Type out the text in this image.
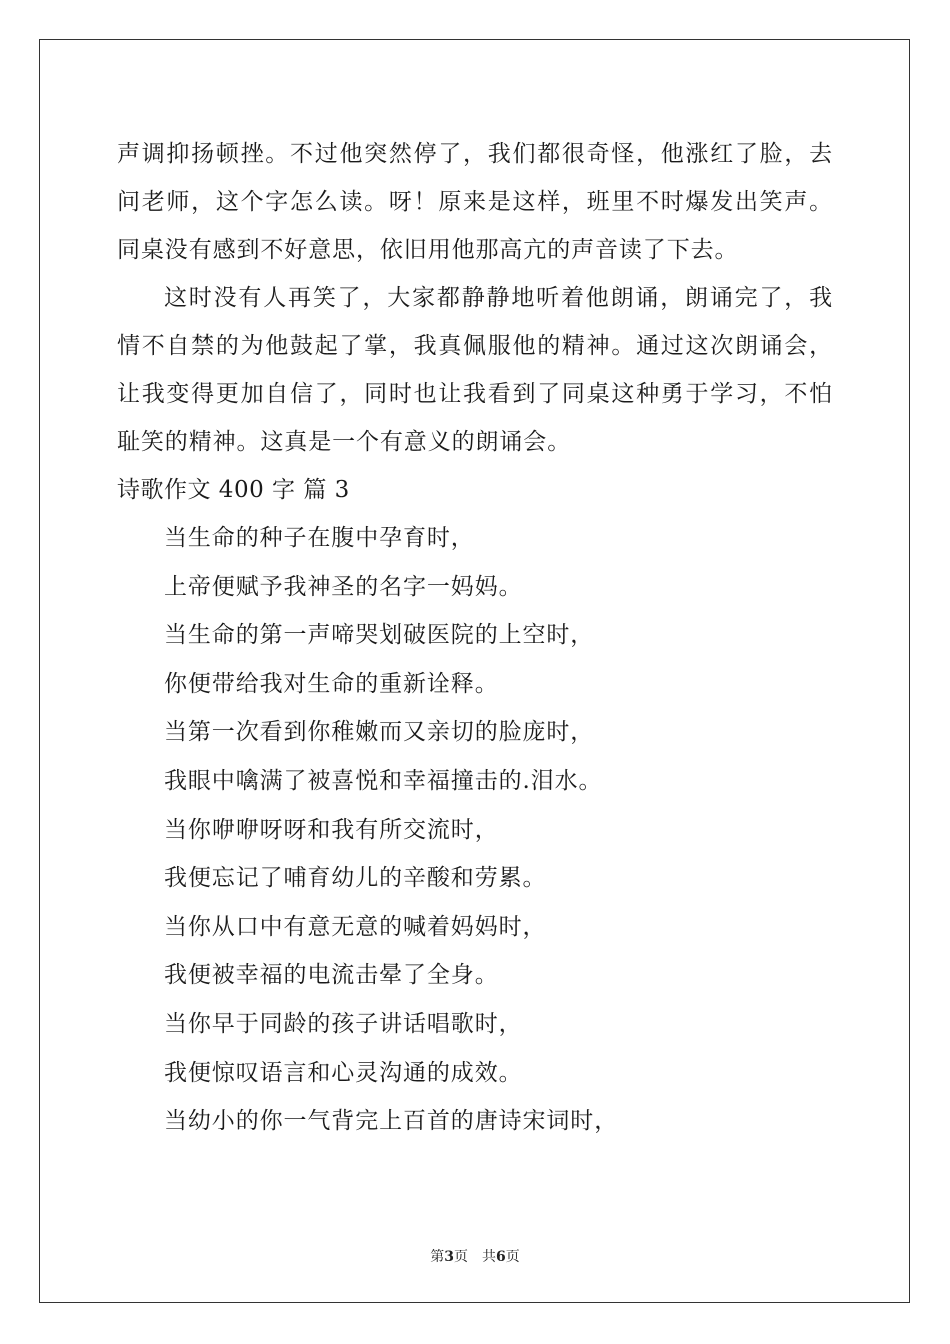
声调抑扬顿挫。不过他突然停了，我们都很奇怪，他涨红了脸，去问老师，这个字怎么读。呀！原来是这样，班里不时爆发出笑声。同桌没有感到不好意思，依旧用他那高亢的声音读了下去。

这时没有人再笑了，大家都静静地听着他朗诵，朗诵完了，我情不自禁的为他鼓起了掌，我真佩服他的精神。通过这次朗诵会，让我变得更加自信了，同时也让我看到了同桌这种勇于学习，不怕耻笑的精神。这真是一个有意义的朗诵会。

诗歌作文 400 字 篇 3

当生命的种子在腹中孕育时，

上帝便赋予我神圣的名字一妈妈。

当生命的第一声啼哭划破医院的上空时，

你便带给我对生命的重新诠释。

当第一次看到你稚嫩而又亲切的脸庞时，

我眼中噙满了被喜悦和幸福撞击的.泪水。

当你咿咿呀呀和我有所交流时，

我便忘记了哺育幼儿的辛酸和劳累。

当你从口中有意无意的喊着妈妈时，

我便被幸福的电流击晕了全身。

当你早于同龄的孩子讲话唱歌时，

我便惊叹语言和心灵沟通的成效。

当幼小的你一气背完上百首的唐诗宋词时，

第3页 共6页
